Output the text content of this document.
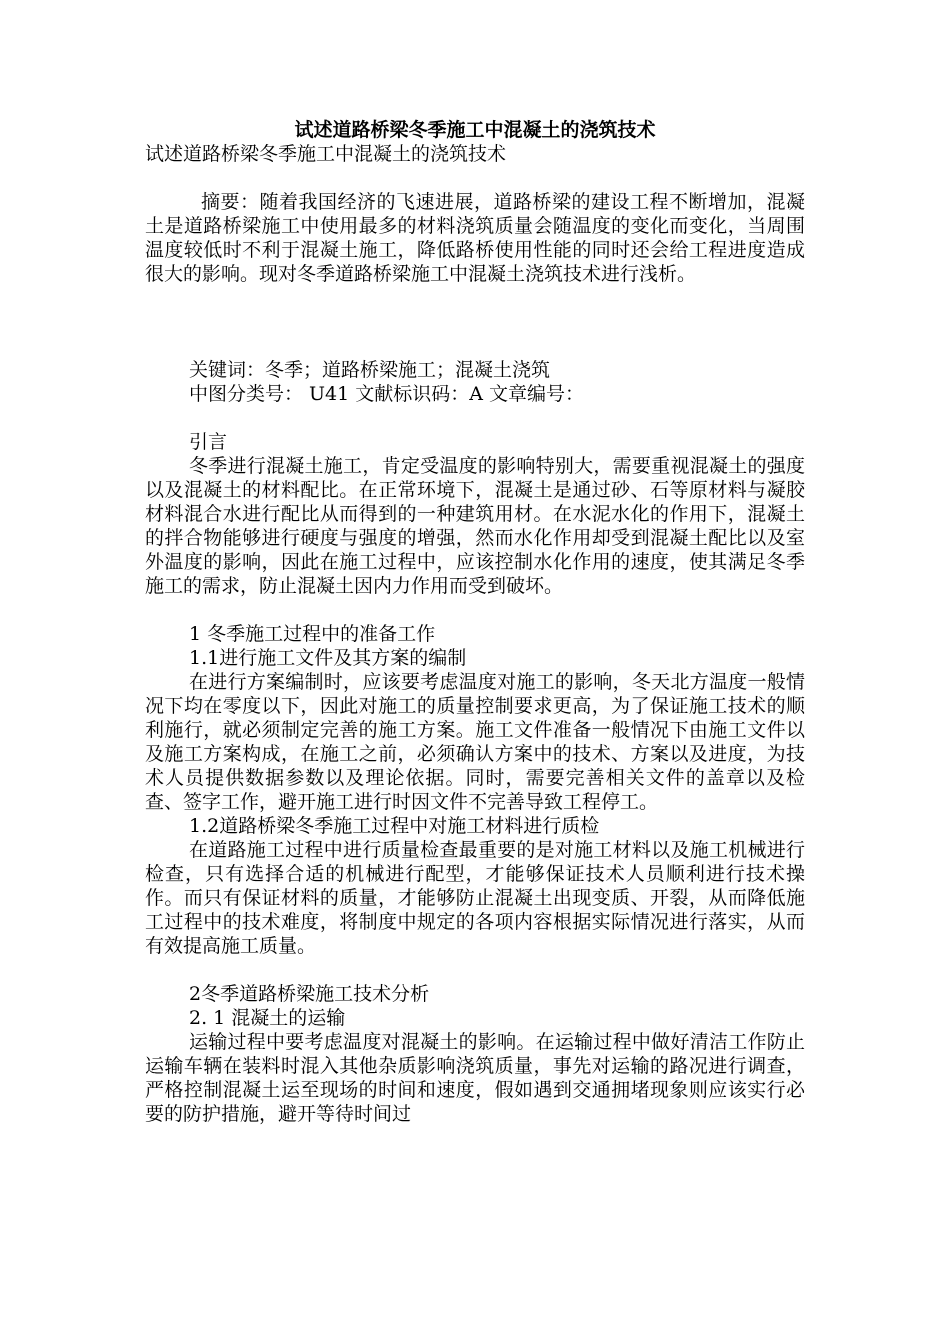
试述道路桥梁冬季施工中混凝土的浇筑技术

试述道路桥梁冬季施工中混凝土的浇筑技术

摘要：随着我国经济的飞速进展，道路桥梁的建设工程不断增加，混凝土是道路桥梁施工中使用最多的材料浇筑质量会随温度的变化而变化，当周围温度较低时不利于混凝土施工，降低路桥使用性能的同时还会给工程进度造成很大的影响。现对冬季道路桥梁施工中混凝土浇筑技术进行浅析。

关键词：冬季；道路桥梁施工；混凝土浇筑

中图分类号： U41 文献标识码：A 文章编号：

引言

冬季进行混凝土施工，肯定受温度的影响特别大，需要重视混凝土的强度以及混凝土的材料配比。在正常环境下，混凝土是通过砂、石等原材料与凝胶材料混合水进行配比从而得到的一种建筑用材。在水泥水化的作用下，混凝土的拌合物能够进行硬度与强度的增强，然而水化作用却受到混凝土配比以及室外温度的影响，因此在施工过程中，应该控制水化作用的速度，使其满足冬季施工的需求，防止混凝土因内力作用而受到破坏。

1 冬季施工过程中的准备工作

1.1进行施工文件及其方案的编制

在进行方案编制时，应该要考虑温度对施工的影响，冬天北方温度一般情况下均在零度以下，因此对施工的质量控制要求更高，为了保证施工技术的顺利施行，就必须制定完善的施工方案。施工文件准备一般情况下由施工文件以及施工方案构成，在施工之前，必须确认方案中的技术、方案以及进度，为技术人员提供数据参数以及理论依据。同时，需要完善相关文件的盖章以及检查、签字工作，避开施工进行时因文件不完善导致工程停工。

1.2道路桥梁冬季施工过程中对施工材料进行质检

在道路施工过程中进行质量检查最重要的是对施工材料以及施工机械进行检查，只有选择合适的机械进行配型，才能够保证技术人员顺利进行技术操作。而只有保证材料的质量，才能够防止混凝土出现变质、开裂，从而降低施工过程中的技术难度，将制度中规定的各项内容根据实际情况进行落实，从而有效提高施工质量。

2冬季道路桥梁施工技术分析

2. 1 混凝土的运输

运输过程中要考虑温度对混凝土的影响。在运输过程中做好清洁工作防止运输车辆在装料时混入其他杂质影响浇筑质量，事先对运输的路况进行调查，严格控制混凝土运至现场的时间和速度，假如遇到交通拥堵现象则应该实行必要的防护措施，避开等待时间过
